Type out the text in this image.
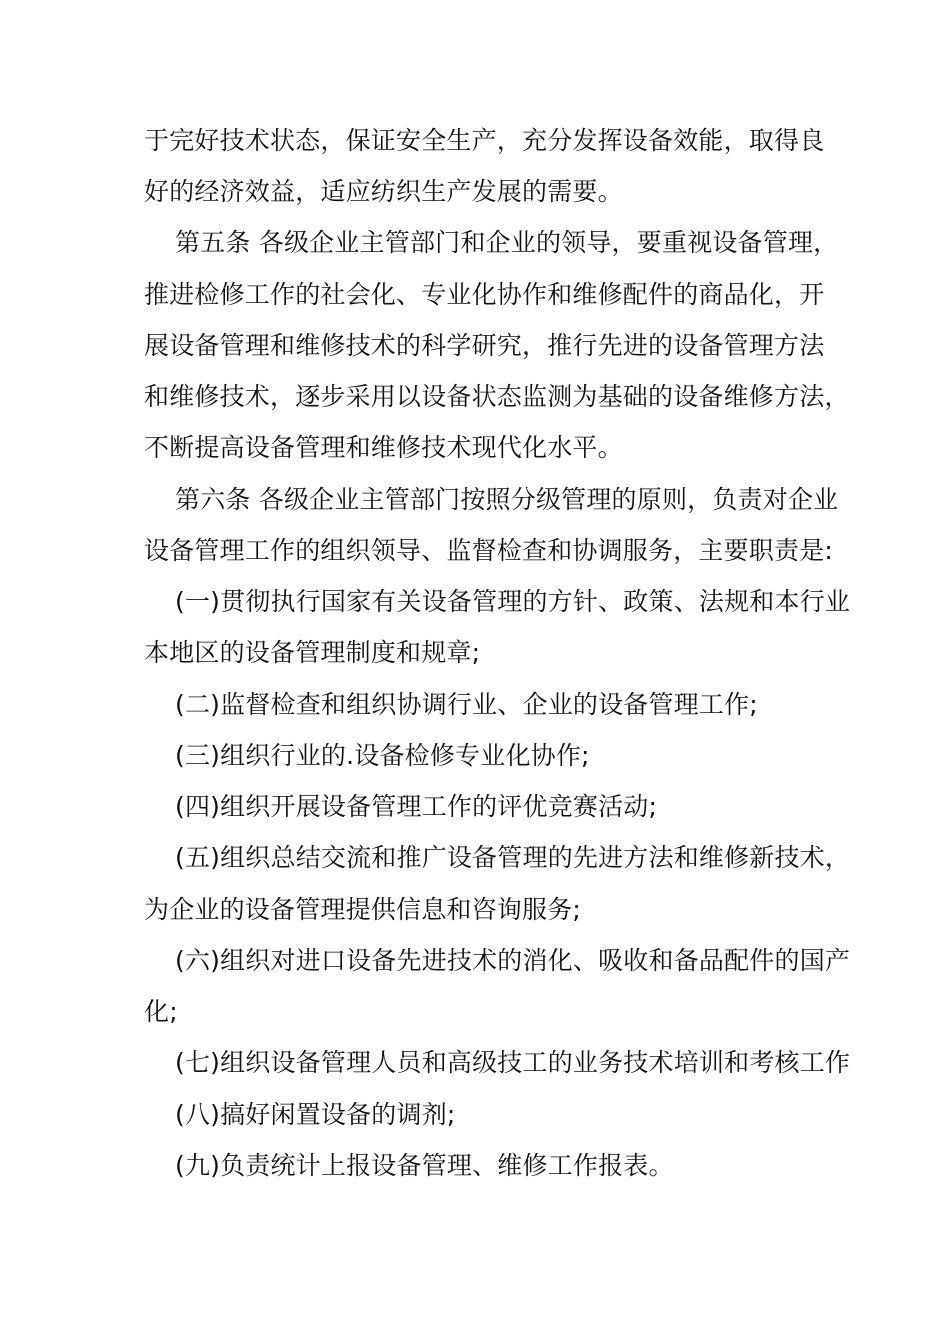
于完好技术状态，保证安全生产，充分发挥设备效能，取得良
好的经济效益，适应纺织生产发展的需要。
第五条 各级企业主管部门和企业的领导，要重视设备管理，
推进检修工作的社会化、专业化协作和维修配件的商品化，开
展设备管理和维修技术的科学研究，推行先进的设备管理方法
和维修技术，逐步采用以设备状态监测为基础的设备维修方法，
不断提高设备管理和维修技术现代化水平。
第六条 各级企业主管部门按照分级管理的原则，负责对企业
设备管理工作的组织领导、监督检查和协调服务，主要职责是:
(一)贯彻执行国家有关设备管理的方针、政策、法规和本行业
本地区的设备管理制度和规章;
(二)监督检查和组织协调行业、企业的设备管理工作;
(三)组织行业的.设备检修专业化协作;
(四)组织开展设备管理工作的评优竞赛活动;
(五)组织总结交流和推广设备管理的先进方法和维修新技术，
为企业的设备管理提供信息和咨询服务;
(六)组织对进口设备先进技术的消化、吸收和备品配件的国产
化;
(七)组织设备管理人员和高级技工的业务技术培训和考核工作
(八)搞好闲置设备的调剂;
(九)负责统计上报设备管理、维修工作报表。
